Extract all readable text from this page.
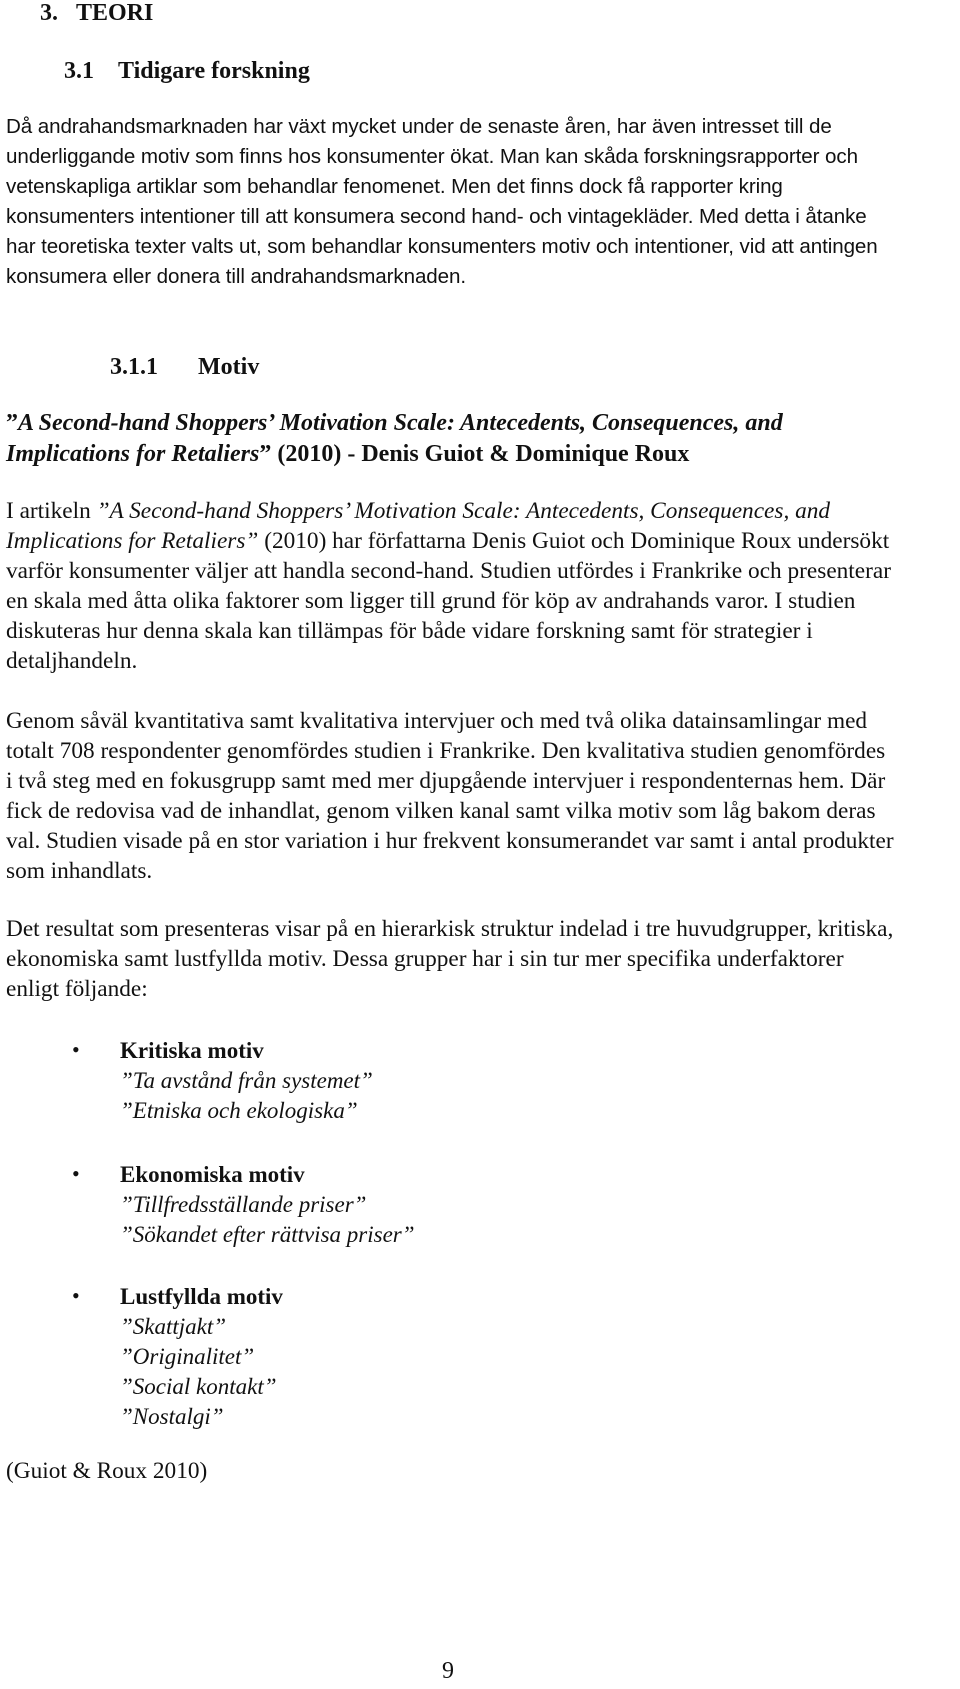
3. TEORI
3.1 Tidigare forskning

Då andrahandsmarknaden har växt mycket under de senaste åren, har även intresset till de underliggande motiv som finns hos konsumenter ökat. Man kan skåda forskningsrapporter och vetenskapliga artiklar som behandlar fenomenet. Men det finns dock få rapporter kring konsumenters intentioner till att konsumera second hand- och vintagekläder. Med detta i åtanke har teoretiska texter valts ut, som behandlar konsumenters motiv och intentioner, vid att antingen konsumera eller donera till andrahandsmarknaden.

3.1.1 Motiv

”A Second-hand Shoppers’ Motivation Scale: Antecedents, Consequences, and Implications for Retaliers” (2010) - Denis Guiot & Dominique Roux

I artikeln ”A Second-hand Shoppers’ Motivation Scale: Antecedents, Consequences, and Implications for Retaliers” (2010) har författarna Denis Guiot och Dominique Roux undersökt varför konsumenter väljer att handla second-hand. Studien utfördes i Frankrike och presenterar en skala med åtta olika faktorer som ligger till grund för köp av andrahands varor. I studien diskuteras hur denna skala kan tillämpas för både vidare forskning samt för strategier i detaljhandeln.

Genom såväl kvantitativa samt kvalitativa intervjuer och med två olika datainsamlingar med totalt 708 respondenter genomfördes studien i Frankrike. Den kvalitativa studien genomfördes i två steg med en fokusgrupp samt med mer djupgående intervjuer i respondenternas hem. Där fick de redovisa vad de inhandlat, genom vilken kanal samt vilka motiv som låg bakom deras val. Studien visade på en stor variation i hur frekvent konsumerandet var samt i antal produkter som inhandlats.

Det resultat som presenteras visar på en hierarkisk struktur indelad i tre huvudgrupper, kritiska, ekonomiska samt lustfyllda motiv. Dessa grupper har i sin tur mer specifika underfaktorer enligt följande:

• Kritiska motiv
”Ta avstånd från systemet”
”Etniska och ekologiska”
• Ekonomiska motiv
”Tillfredsställande priser”
”Sökandet efter rättvisa priser”
• Lustfyllda motiv
”Skattjakt”
”Originalitet”
”Social kontakt”
”Nostalgi”
(Guiot & Roux 2010)
9
